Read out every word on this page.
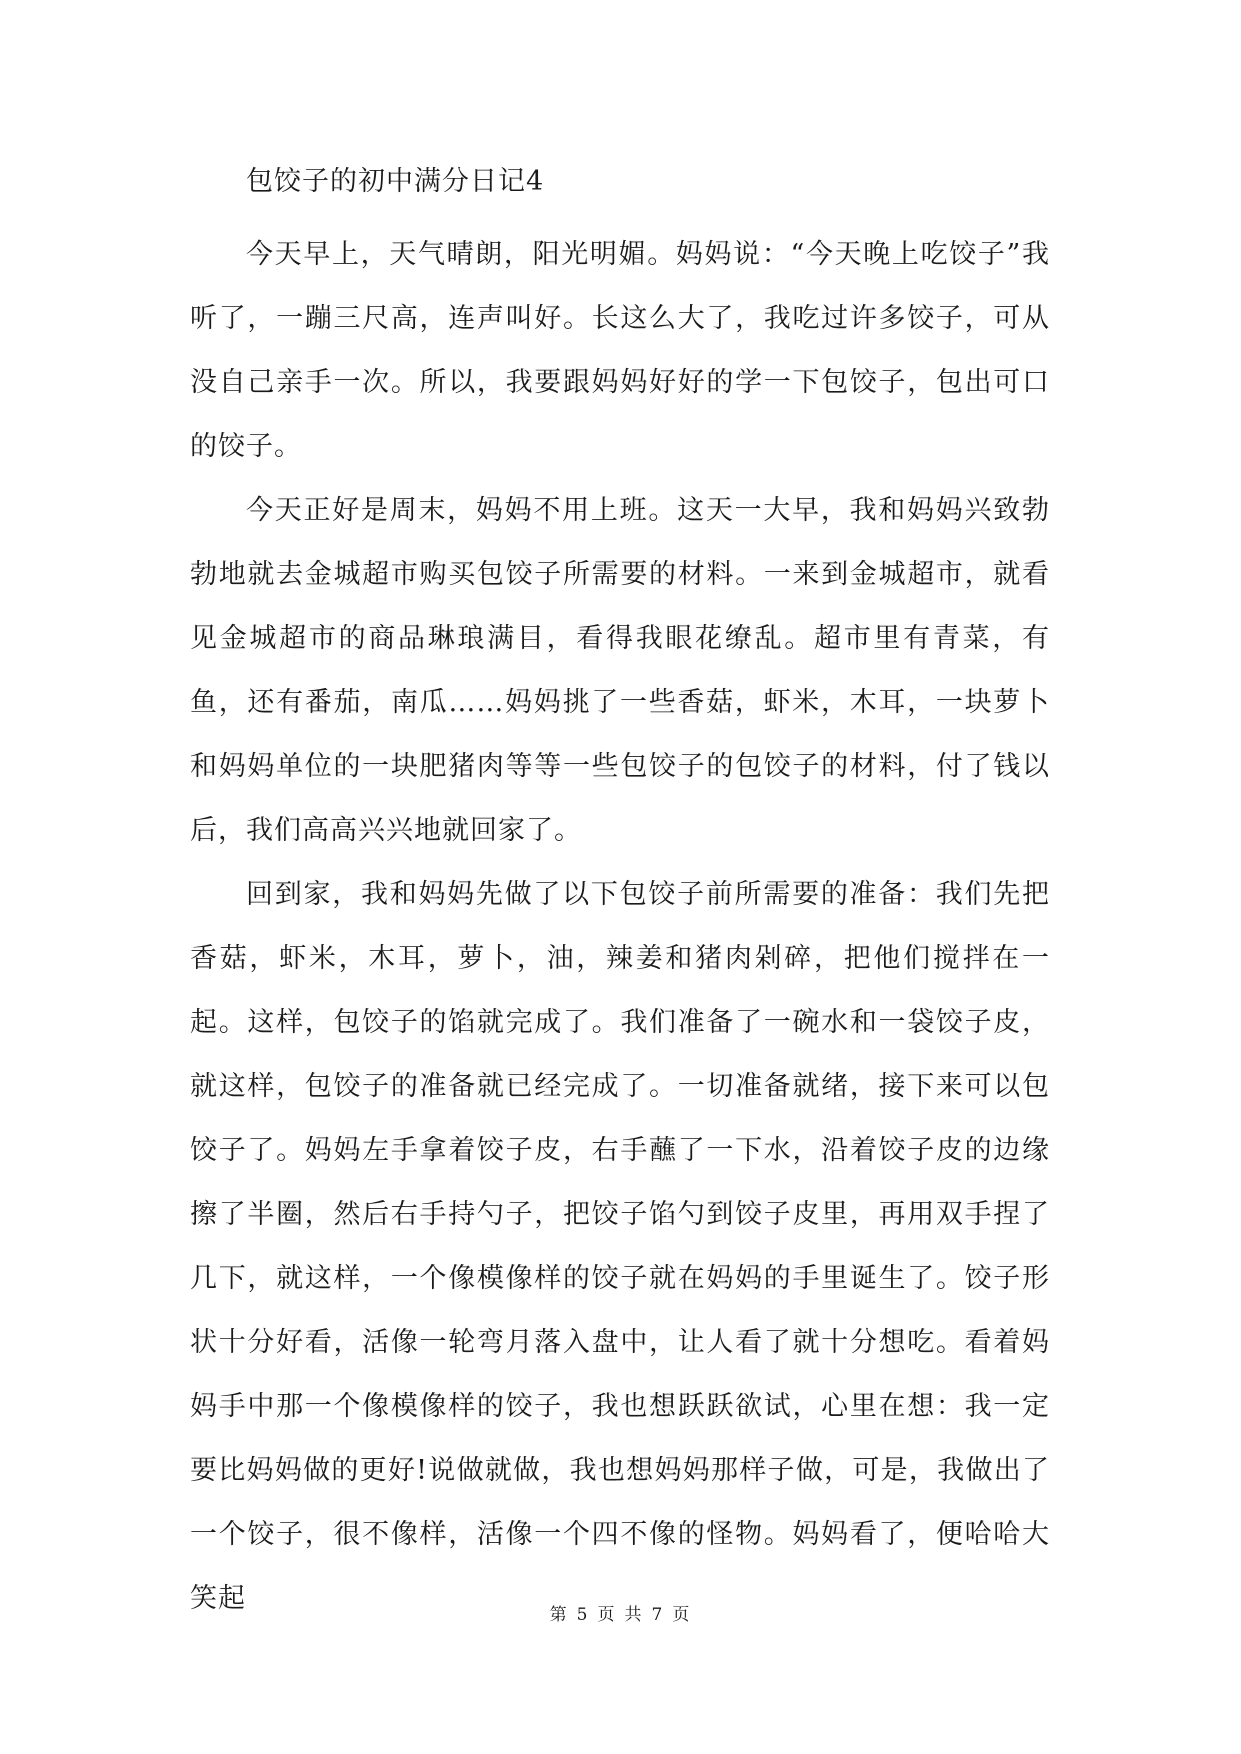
包饺子的初中满分日记4

今天早上，天气晴朗，阳光明媚。妈妈说：“今天晚上吃饺子”我听了，一蹦三尺高，连声叫好。长这么大了，我吃过许多饺子，可从没自己亲手一次。所以，我要跟妈妈好好的学一下包饺子，包出可口的饺子。

今天正好是周末，妈妈不用上班。这天一大早，我和妈妈兴致勃勃地就去金城超市购买包饺子所需要的材料。一来到金城超市，就看见金城超市的商品琳琅满目，看得我眼花缭乱。超市里有青菜，有鱼，还有番茄，南瓜……妈妈挑了一些香菇，虾米，木耳，一块萝卜和妈妈单位的一块肥猪肉等等一些包饺子的包饺子的材料，付了钱以后，我们高高兴兴地就回家了。

回到家，我和妈妈先做了以下包饺子前所需要的准备：我们先把香菇，虾米，木耳，萝卜，油，辣姜和猪肉剁碎，把他们搅拌在一起。这样，包饺子的馅就完成了。我们准备了一碗水和一袋饺子皮，就这样，包饺子的准备就已经完成了。一切准备就绪，接下来可以包饺子了。妈妈左手拿着饺子皮，右手蘸了一下水，沿着饺子皮的边缘擦了半圈，然后右手持勺子，把饺子馅勺到饺子皮里，再用双手捏了几下，就这样，一个像模像样的饺子就在妈妈的手里诞生了。饺子形状十分好看，活像一轮弯月落入盘中，让人看了就十分想吃。看着妈妈手中那一个像模像样的饺子，我也想跃跃欲试，心里在想：我一定要比妈妈做的更好!说做就做，我也想妈妈那样子做，可是，我做出了一个饺子，很不像样，活像一个四不像的怪物。妈妈看了，便哈哈大笑起

第 5 页 共 7 页
